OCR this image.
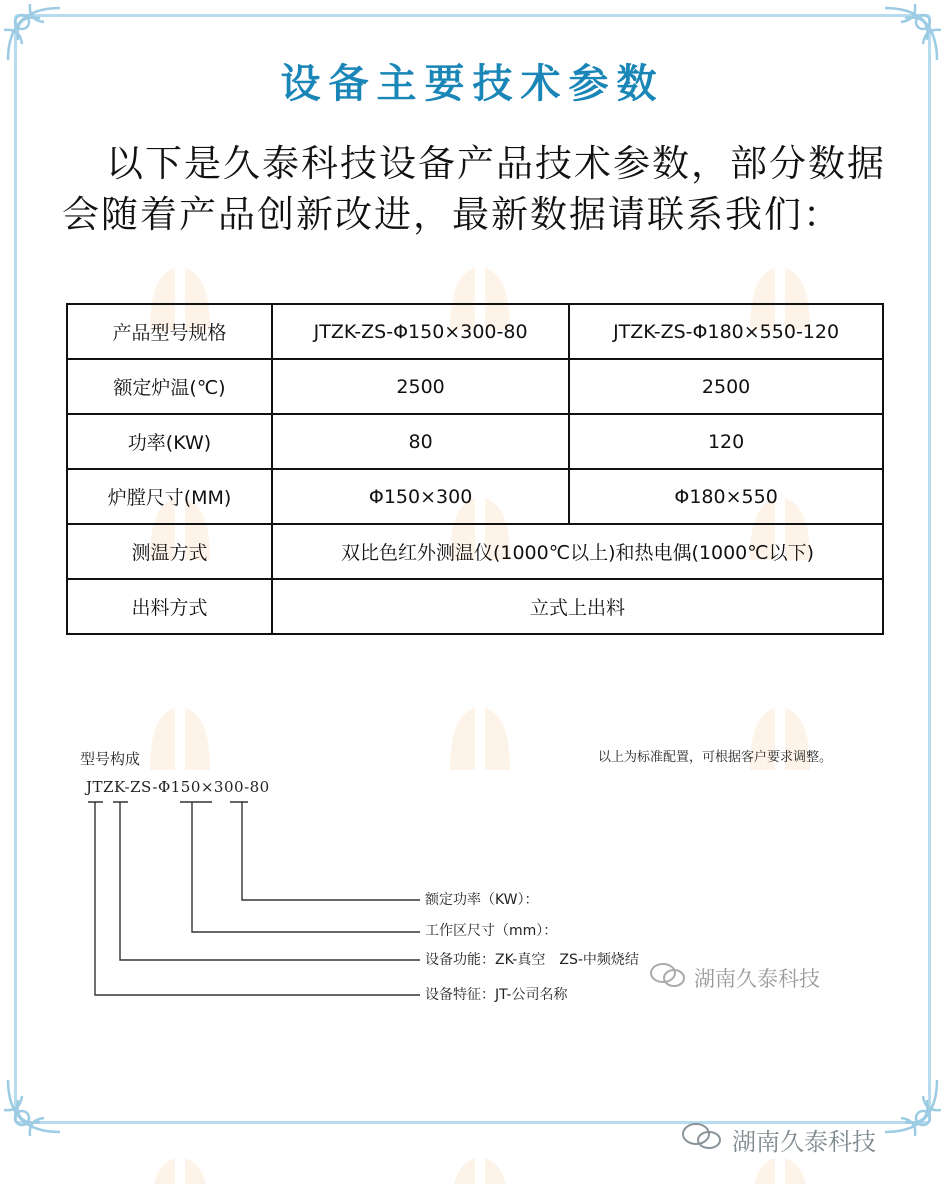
设备主要技术参数
以下是久泰科技设备产品技术参数，部分数据会随着产品创新改进，最新数据请联系我们：
产品型号规格	JTZK-ZS-Φ150×300-80	JTZK-ZS-Φ180×550-120
额定炉温(℃)	2500	2500
功率(KW)	80	120
炉膛尺寸(MM)	Φ150×300	Φ180×550
测温方式	双比色红外测温仪(1000℃以上)和热电偶(1000℃以下)	
出料方式	立式上出料	
型号构成
JTZK-ZS-Φ150×300-80
以上为标准配置，可根据客户要求调整。
额定功率（KW）：
工作区尺寸（mm）：
设备功能：ZK-真空　ZS-中频烧结
设备特征：JT-公司名称
湖南久泰科技
湖南久泰科技
